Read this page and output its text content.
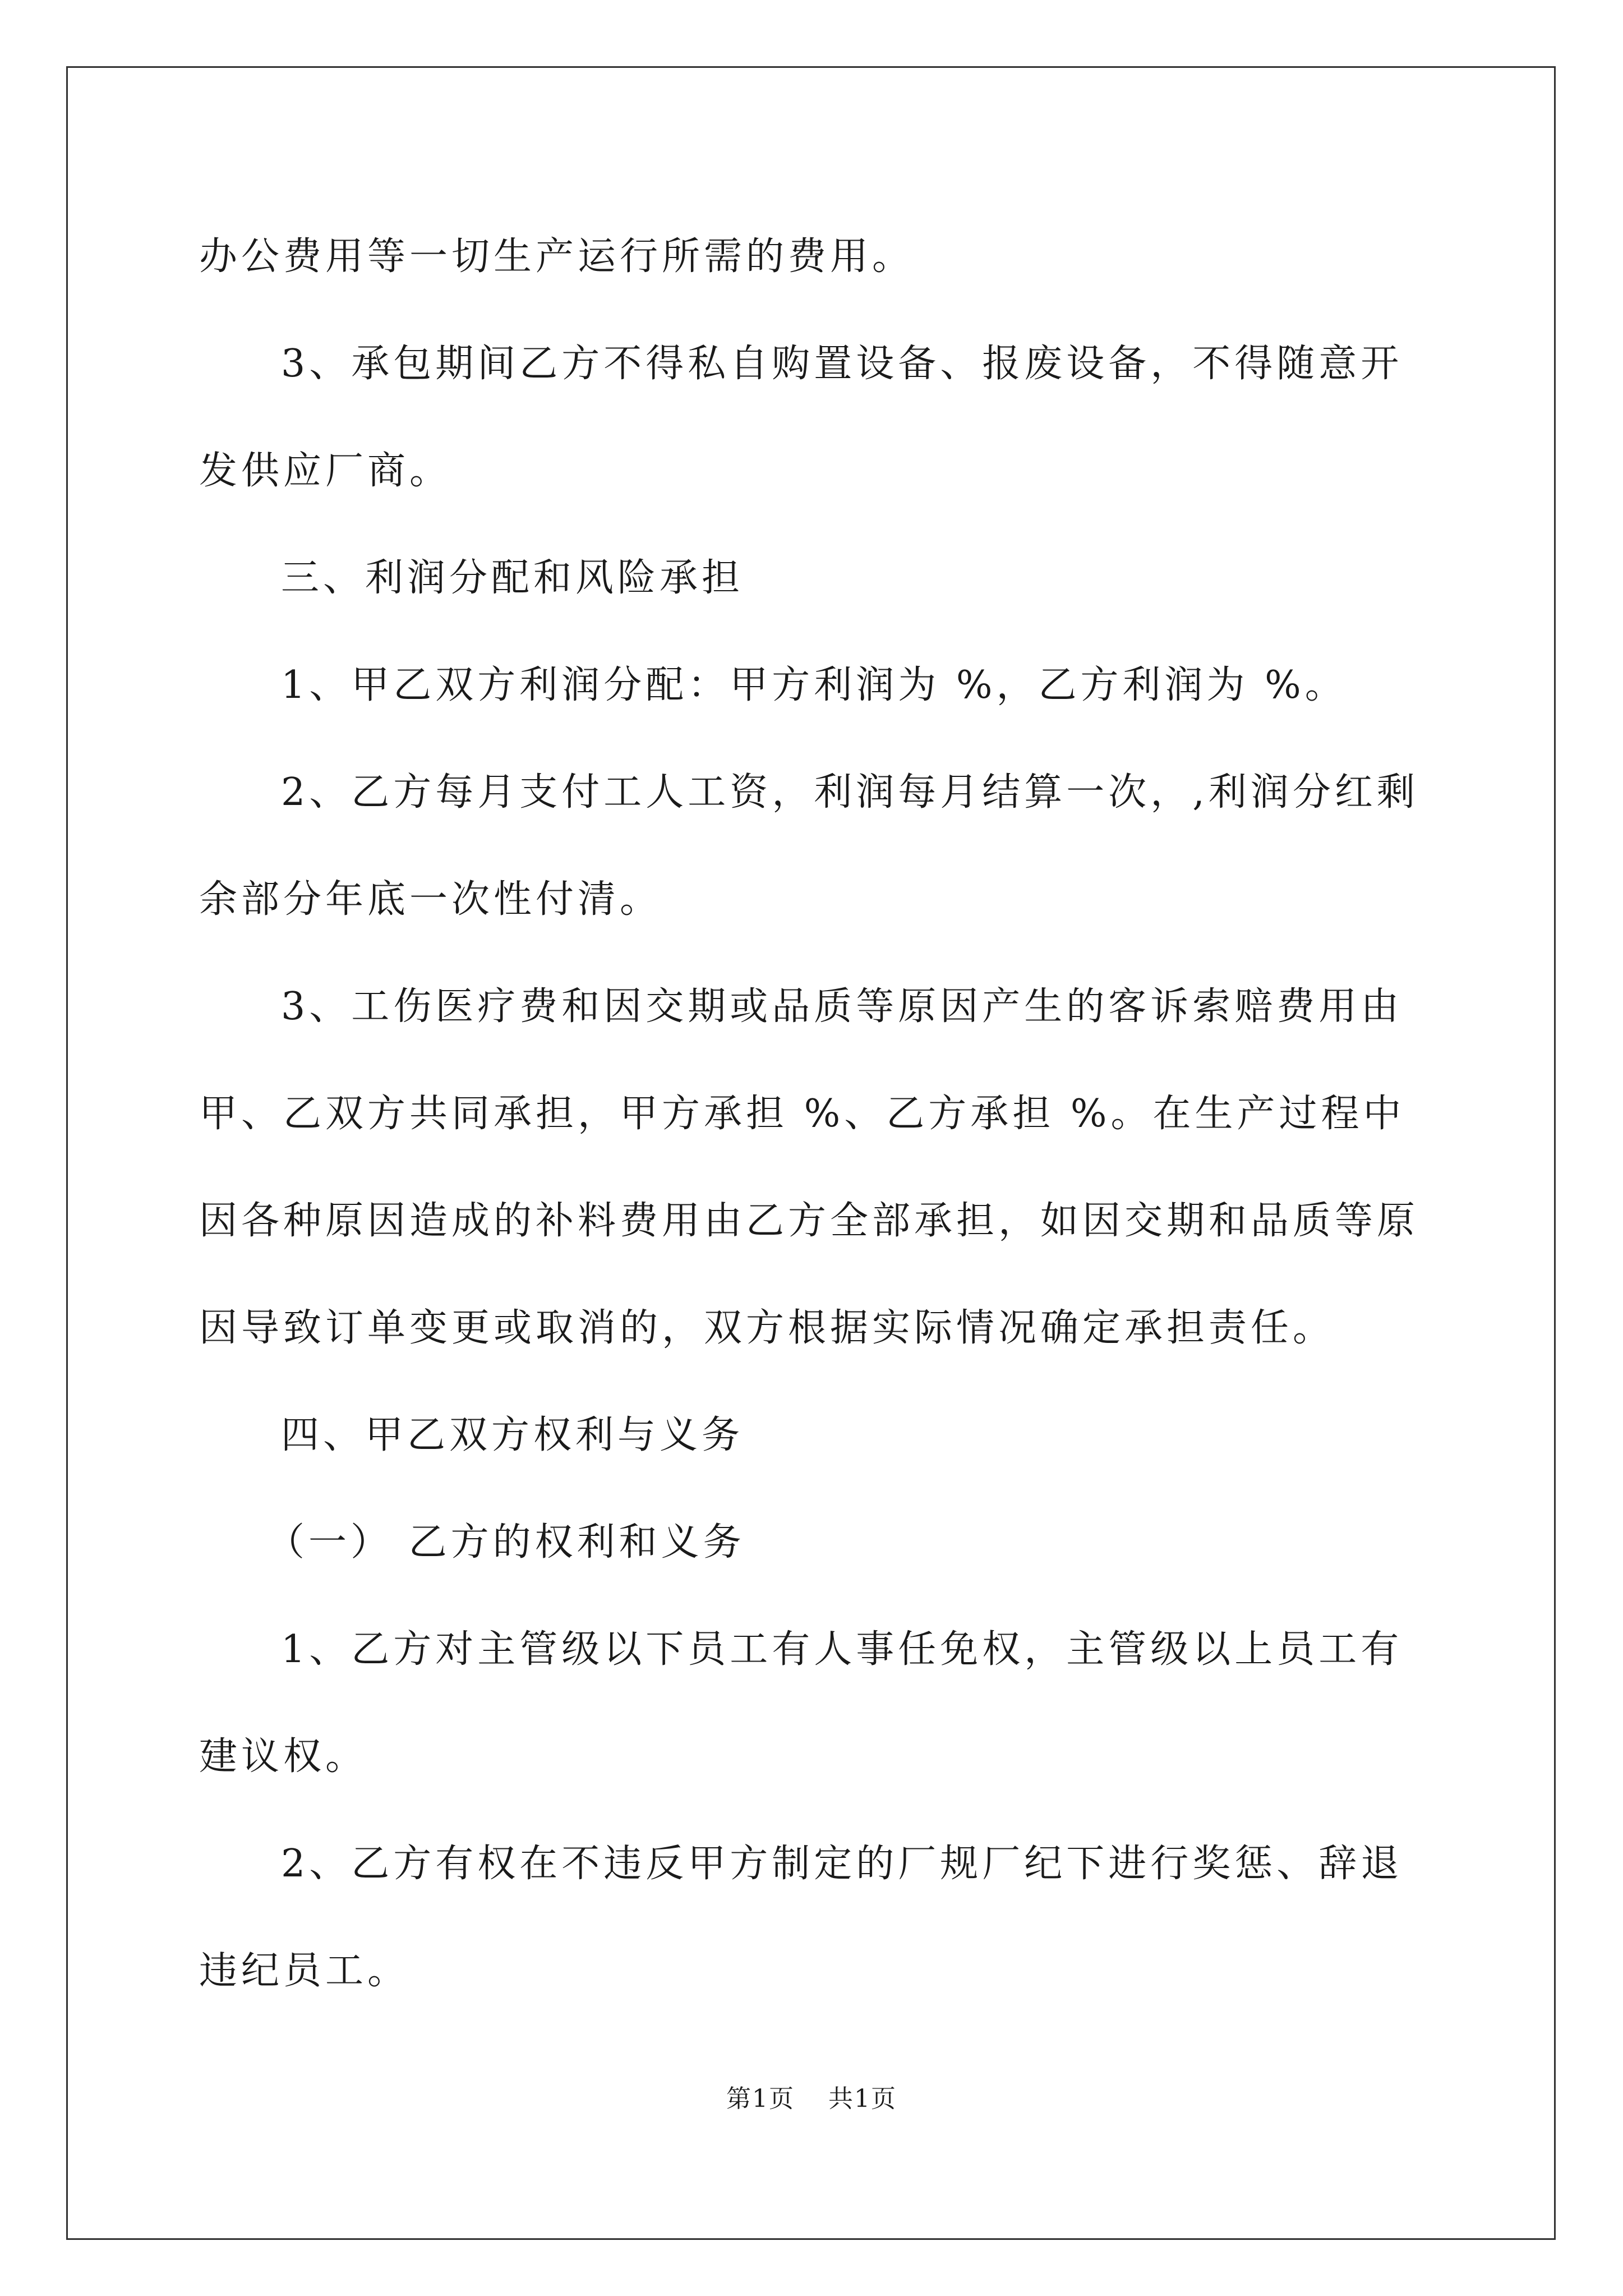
办公费用等一切生产运行所需的费用。

3、承包期间乙方不得私自购置设备、报废设备，不得随意开发供应厂商。

三、利润分配和风险承担

1、甲乙双方利润分配：甲方利润为 %，乙方利润为 %。

2、乙方每月支付工人工资，利润每月结算一次，,利润分红剩余部分年底一次性付清。

3、工伤医疗费和因交期或品质等原因产生的客诉索赔费用由甲、乙双方共同承担，甲方承担 %、乙方承担 %。在生产过程中因各种原因造成的补料费用由乙方全部承担，如因交期和品质等原因导致订单变更或取消的，双方根据实际情况确定承担责任。

四、甲乙双方权利与义务

（一） 乙方的权利和义务

1、乙方对主管级以下员工有人事任免权，主管级以上员工有建议权。

2、乙方有权在不违反甲方制定的厂规厂纪下进行奖惩、辞退违纪员工。

第1页 共1页
